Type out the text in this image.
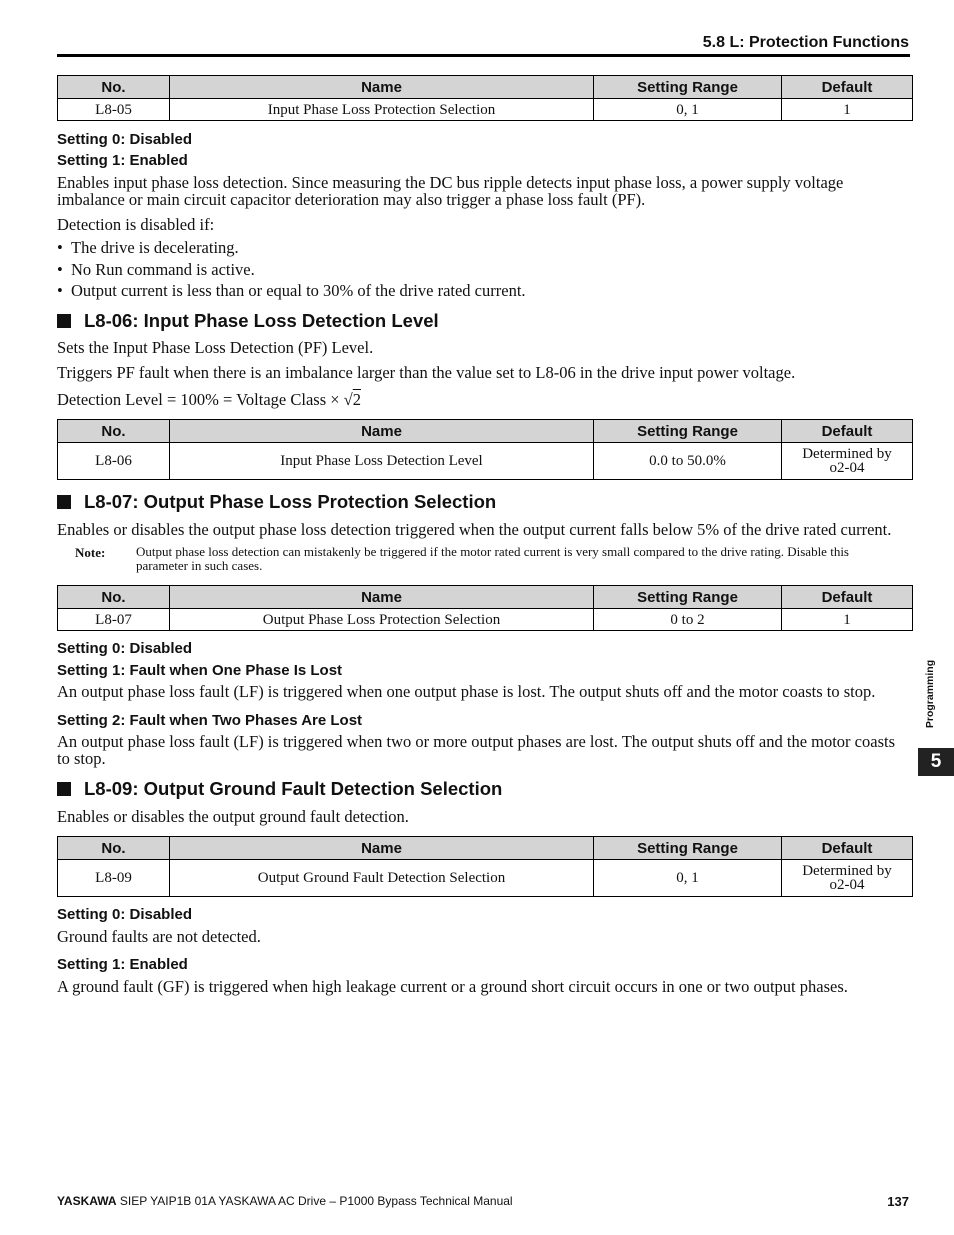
5.8 L: Protection Functions
No.	Name	Setting Range	Default
L8-05	Input Phase Loss Protection Selection	0, 1	1
Setting 0: Disabled
Setting 1: Enabled
Enables input phase loss detection. Since measuring the DC bus ripple detects input phase loss, a power supply voltage
imbalance or main circuit capacitor deterioration may also trigger a phase loss fault (PF).
Detection is disabled if:
• The drive is decelerating.
• No Run command is active.
• Output current is less than or equal to 30% of the drive rated current.
L8-06: Input Phase Loss Detection Level
Sets the Input Phase Loss Detection (PF) Level.
Triggers PF fault when there is an imbalance larger than the value set to L8-06 in the drive input power voltage.
Detection Level = 100% = Voltage Class × √2
No.	Name	Setting Range	Default
L8-06	Input Phase Loss Detection Level	0.0 to 50.0%	Determined by
o2-04
L8-07: Output Phase Loss Protection Selection
Enables or disables the output phase loss detection triggered when the output current falls below 5% of the drive rated current.
Note: Output phase loss detection can mistakenly be triggered if the motor rated current is very small compared to the drive rating. Disable this
parameter in such cases.
No.	Name	Setting Range	Default
L8-07	Output Phase Loss Protection Selection	0 to 2	1
Setting 0: Disabled
Setting 1: Fault when One Phase Is Lost
An output phase loss fault (LF) is triggered when one output phase is lost. The output shuts off and the motor coasts to stop.
Setting 2: Fault when Two Phases Are Lost
An output phase loss fault (LF) is triggered when two or more output phases are lost. The output shuts off and the motor coasts
to stop.
L8-09: Output Ground Fault Detection Selection
Enables or disables the output ground fault detection.
No.	Name	Setting Range	Default
L8-09	Output Ground Fault Detection Selection	0, 1	Determined by
o2-04
Setting 0: Disabled
Ground faults are not detected.
Setting 1: Enabled
A ground fault (GF) is triggered when high leakage current or a ground short circuit occurs in one or two output phases.
Programming
5
YASKAWA SIEP YAIP1B 01A YASKAWA AC Drive – P1000 Bypass Technical Manual	137
